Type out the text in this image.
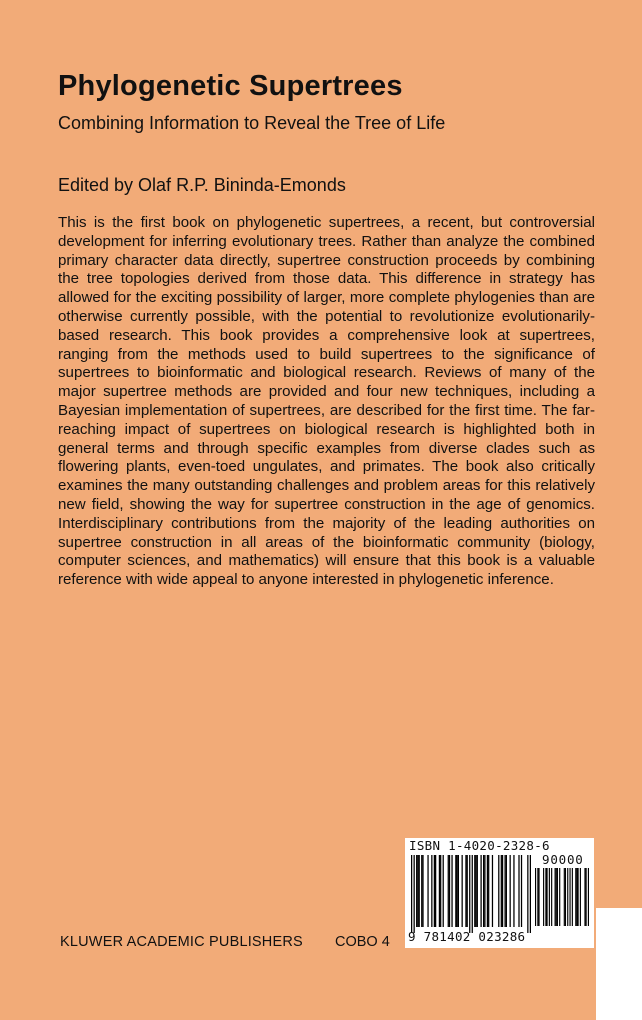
Phylogenetic Supertrees
Combining Information to Reveal the Tree of Life
Edited by Olaf R.P. Bininda-Emonds

This is the first book on phylogenetic supertrees, a recent, but controversial development for inferring evolutionary trees. Rather than analyze the combined primary character data directly, supertree construction proceeds by combining the tree topologies derived from those data. This difference in strategy has allowed for the exciting possibility of larger, more complete phylogenies than are otherwise currently possible, with the potential to revolutionize evolutionarily-based research. This book provides a comprehensive look at supertrees, ranging from the methods used to build supertrees to the significance of supertrees to bioinformatic and biological research. Reviews of many of the major supertree methods are provided and four new techniques, including a Bayesian implementation of supertrees, are described for the first time. The far-reaching impact of supertrees on biological research is highlighted both in general terms and through specific examples from diverse clades such as flowering plants, even-toed ungulates, and primates. The book also critically examines the many outstanding challenges and problem areas for this relatively new field, showing the way for supertree construction in the age of genomics. Interdisciplinary contributions from the majority of the leading authorities on supertree construction in all areas of the bioinformatic community (biology, computer sciences, and mathematics) will ensure that this book is a valuable reference with wide appeal to anyone interested in phylogenetic inference.

KLUWER ACADEMIC PUBLISHERS COBO 4
ISBN 1-4020-2328-6
90000
9 781402 023286
